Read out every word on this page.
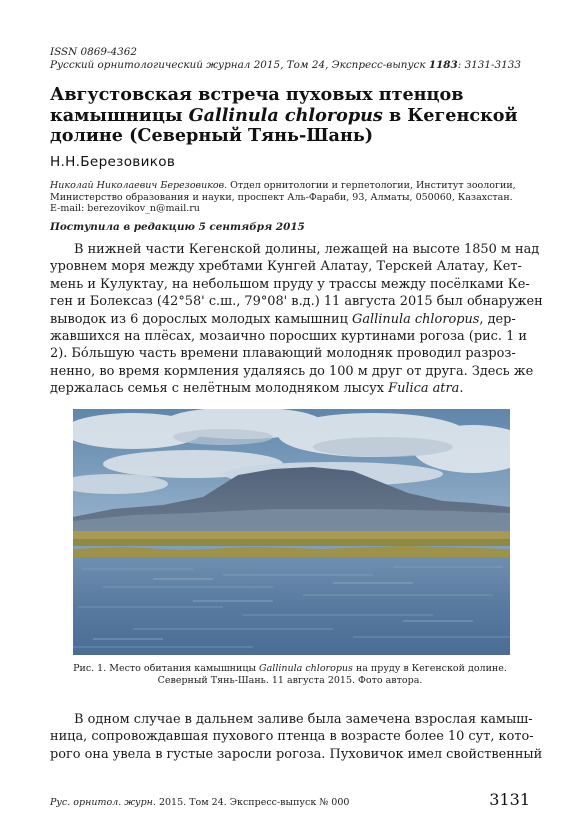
ISSN 0869-4362
Русский орнитологический журнал 2015, Том 24, Экспресс-выпуск 1183: 3131-3133
Августовская встреча пуховых птенцов
камышницы Gallinula chloropus в Кегенской
долине (Северный Тянь-Шань)
Н.Н.Березовиков
Николай Николаевич Березовиков. Отдел орнитологии и герпетологии, Институт зоологии,
Министерство образования и науки, проспект Аль-Фараби, 93, Алматы, 050060, Казахстан.
E-mail: berezovikov_n@mail.ru
Поступила в редакцию 5 сентября 2015
В нижней части Кегенской долины, лежащей на высоте 1850 м над
уровнем моря между хребтами Кунгей Алатау, Терскей Алатау, Кет-
мень и Кулуктау, на небольшом пруду у трассы между посёлками Ке-
ген и Болексаз (42°58' с.ш., 79°08' в.д.) 11 августа 2015 был обнаружен
выводок из 6 дорослых молодых камышниц Gallinula chloropus, дер-
жавшихся на плёсах, мозаично поросших куртинами рогоза (рис. 1 и
2). Бо́льшую часть времени плавающий молодняк проводил разроз-
ненно, во время кормления удаляясь до 100 м друг от друга. Здесь же
держалась семья с нелётным молодняком лысух Fulica atra.
Рис. 1. Место обитания камышницы Gallinula chloropus на пруду в Кегенской долине.
Северный Тянь-Шань. 11 августа 2015. Фото автора.
В одном случае в дальнем заливе была замечена взрослая камыш-
ница, сопровождавшая пухового птенца в возрасте более 10 сут, кото-
рого она увела в густые заросли рогоза. Пуховичок имел свойственный
Рус. орнитол. журн. 2015. Том 24. Экспресс-выпуск № 000	3131
